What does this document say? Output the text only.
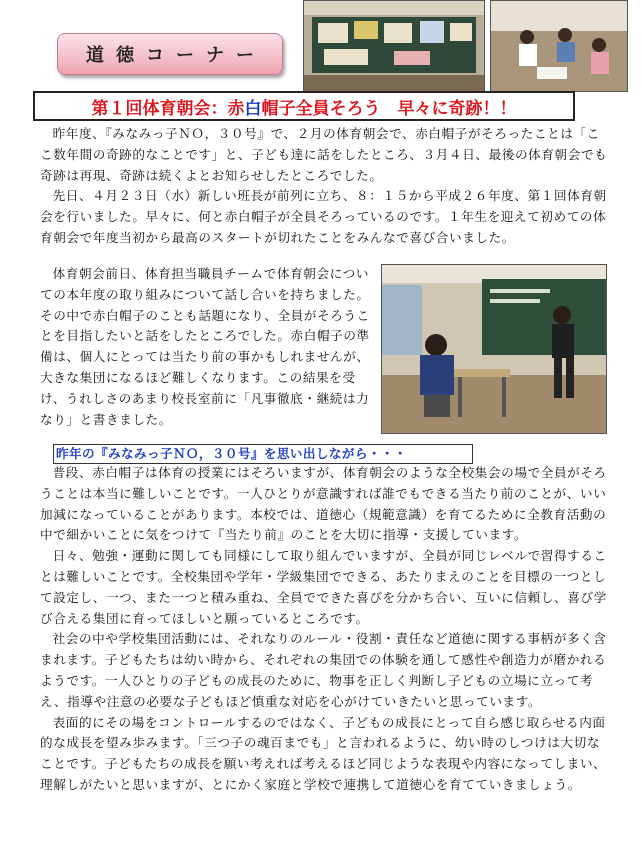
道徳コーナー
第１回体育朝会：赤 白 帽子全員そろう　早々に奇跡！！

昨年度、『みなみっ子ＮＯ，３０号』で、２月の体育朝会で、赤白帽子がそろったことは「ここ数年間の奇跡的なことです」と、子ども達に話をしたところ、３月４日、最後の体育朝会でも奇跡は再現、奇跡は続くよとお知らせしたところでした。

先日、４月２３日（水）新しい班長が前列に立ち、８：１５から平成２６年度、第１回体育朝会を行いました。早々に、何と赤白帽子が全員そろっているのです。１年生を迎えて初めての体育朝会で年度当初から最高のスタートが切れたことをみんなで喜び合いました。

体育朝会前日、体育担当職員チームで体育朝会についての本年度の取り組みについて話し合いを持ちました。その中で赤白帽子のことも話題になり、全員がそろうことを目指したいと話をしたところでした。赤白帽子の準備は、個人にとっては当たり前の事かもしれませんが、大きな集団になるほど難しくなります。この結果を受け、うれしさのあまり校長室前に「凡事徹底・継続は力なり」と書きました。

昨年の『みなみっ子ＮＯ，３０号』を思い出しながら・・・

普段、赤白帽子は体育の授業にはそろいますが、体育朝会のような全校集会の場で全員がそろうことは本当に難しいことです。一人ひとりが意識すれば誰でもできる当たり前のことが、いい加減になっていることがあります。本校では、道徳心（規範意識）を育てるために全教育活動の中で細かいことに気をつけて『当たり前』のことを大切に指導・支援しています。

日々、勉強・運動に関しても同様にして取り組んでいますが、全員が同じレベルで習得することは難しいことです。全校集団や学年・学級集団でできる、あたりまえのことを目標の一つとして設定し、一つ、また一つと積み重ね、全員でできた喜びを分かち合い、互いに信頼し、喜び学び合える集団に育ってほしいと願っているところです。

社会の中や学校集団活動には、それなりのルール・役割・責任など道徳に関する事柄が多く含まれます。子どもたちは幼い時から、それぞれの集団での体験を通して感性や創造力が磨かれるようです。一人ひとりの子どもの成長のために、物事を正しく判断し子どもの立場に立って考え、指導や注意の必要な子どもほど慎重な対応を心がけていきたいと思っています。

表面的にその場をコントロールするのではなく、子どもの成長にとって自ら感じ取らせる内面的な成長を望み歩みます。「三つ子の魂百までも」と言われるように、幼い時のしつけは大切なことです。子どもたちの成長を願い考えれば考えるほど同じような表現や内容になってしまい、理解しがたいと思いますが、とにかく家庭と学校で連携して道徳心を育てていきましょう。
